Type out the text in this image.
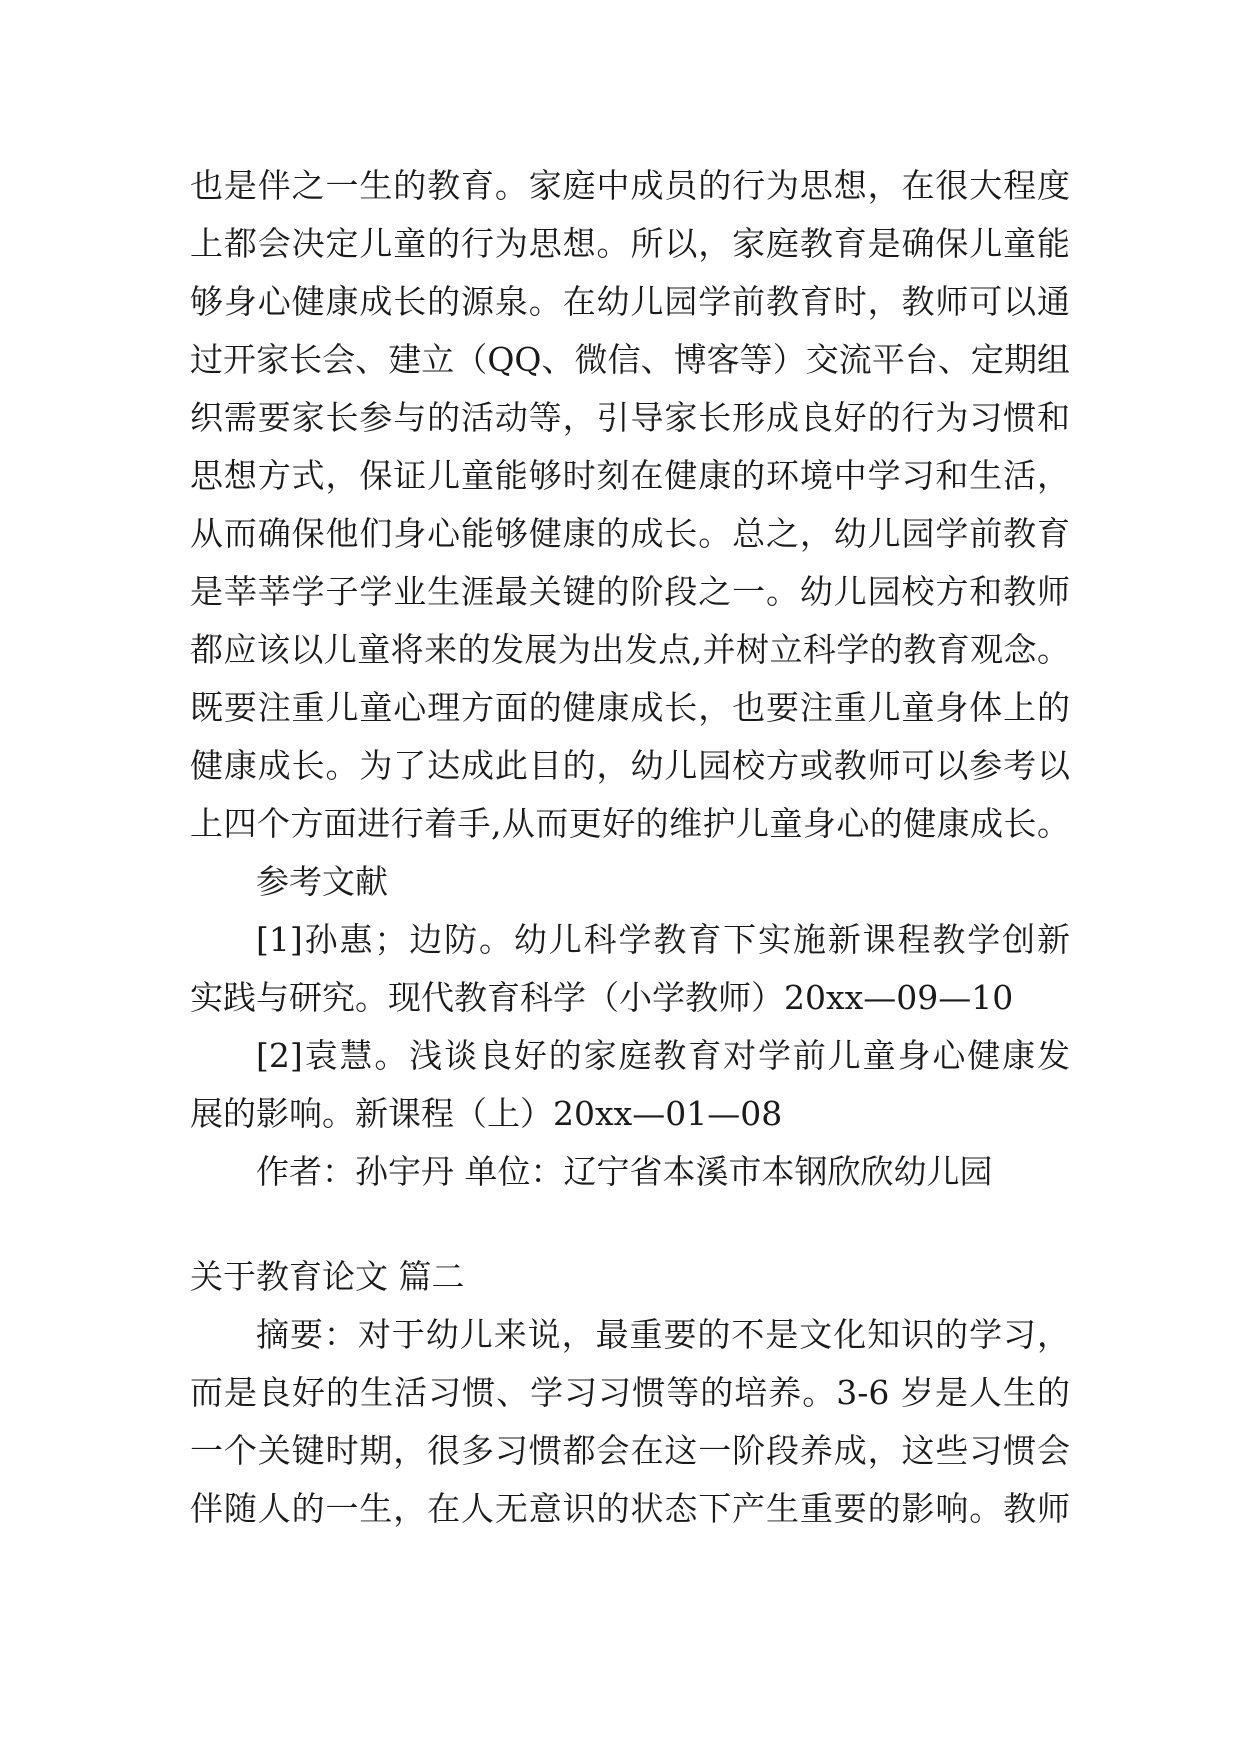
也是伴之一生的教育。家庭中成员的行为思想，在很大程度
上都会决定儿童的行为思想。所以，家庭教育是确保儿童能
够身心健康成长的源泉。在幼儿园学前教育时，教师可以通
过开家长会、建立（QQ、微信、博客等）交流平台、定期组
织需要家长参与的活动等，引导家长形成良好的行为习惯和
思想方式，保证儿童能够时刻在健康的环境中学习和生活，
从而确保他们身心能够健康的成长。总之，幼儿园学前教育
是莘莘学子学业生涯最关键的阶段之一。幼儿园校方和教师
都应该以儿童将来的发展为出发点,并树立科学的教育观念。
既要注重儿童心理方面的健康成长，也要注重儿童身体上的
健康成长。为了达成此目的，幼儿园校方或教师可以参考以
上四个方面进行着手,从而更好的维护儿童身心的健康成长。
参考文献
[1]孙惠；边防。幼儿科学教育下实施新课程教学创新
实践与研究。现代教育科学（小学教师）20xx—09—10
[2]袁慧。浅谈良好的家庭教育对学前儿童身心健康发
展的影响。新课程（上）20xx—01—08
作者：孙宇丹 单位：辽宁省本溪市本钢欣欣幼儿园
关于教育论文 篇二
摘要：对于幼儿来说，最重要的不是文化知识的学习，
而是良好的生活习惯、学习习惯等的培养。3-6 岁是人生的
一个关键时期，很多习惯都会在这一阶段养成，这些习惯会
伴随人的一生，在人无意识的状态下产生重要的影响。教师
